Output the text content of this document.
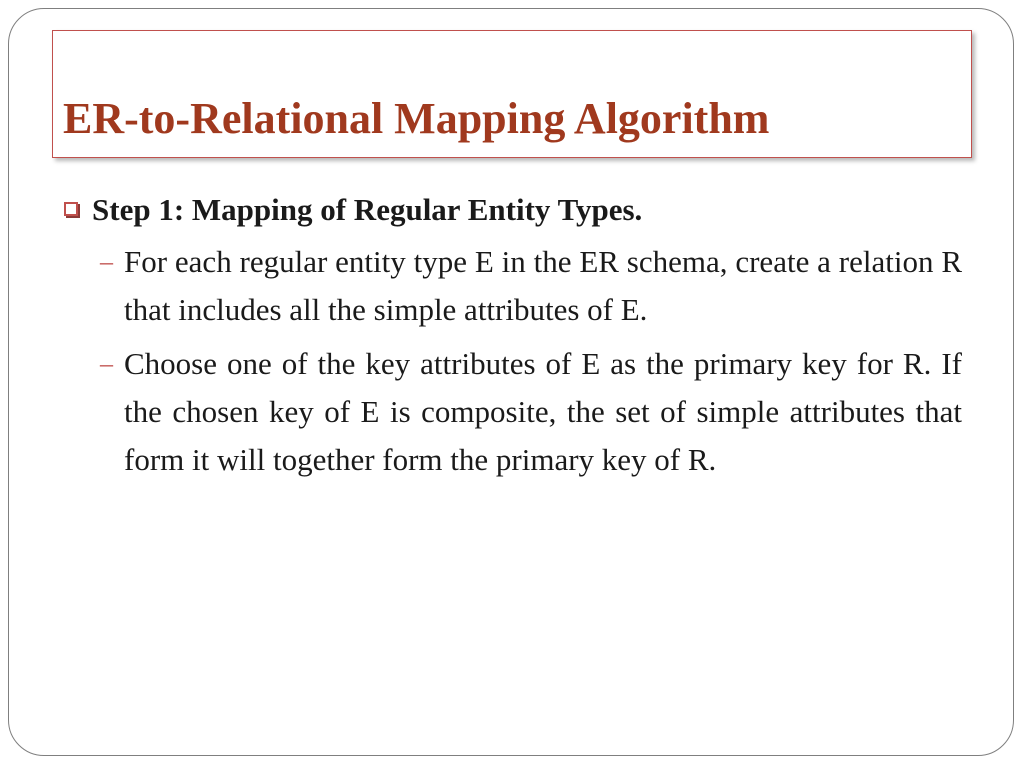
ER-to-Relational Mapping Algorithm
Step 1: Mapping of Regular Entity Types.
– For each regular entity type E in the ER schema, create a relation R that includes all the simple attributes of E.
– Choose one of the key attributes of E as the primary key for R. If the chosen key of E is composite, the set of simple attributes that form it will together form the primary key of R.
